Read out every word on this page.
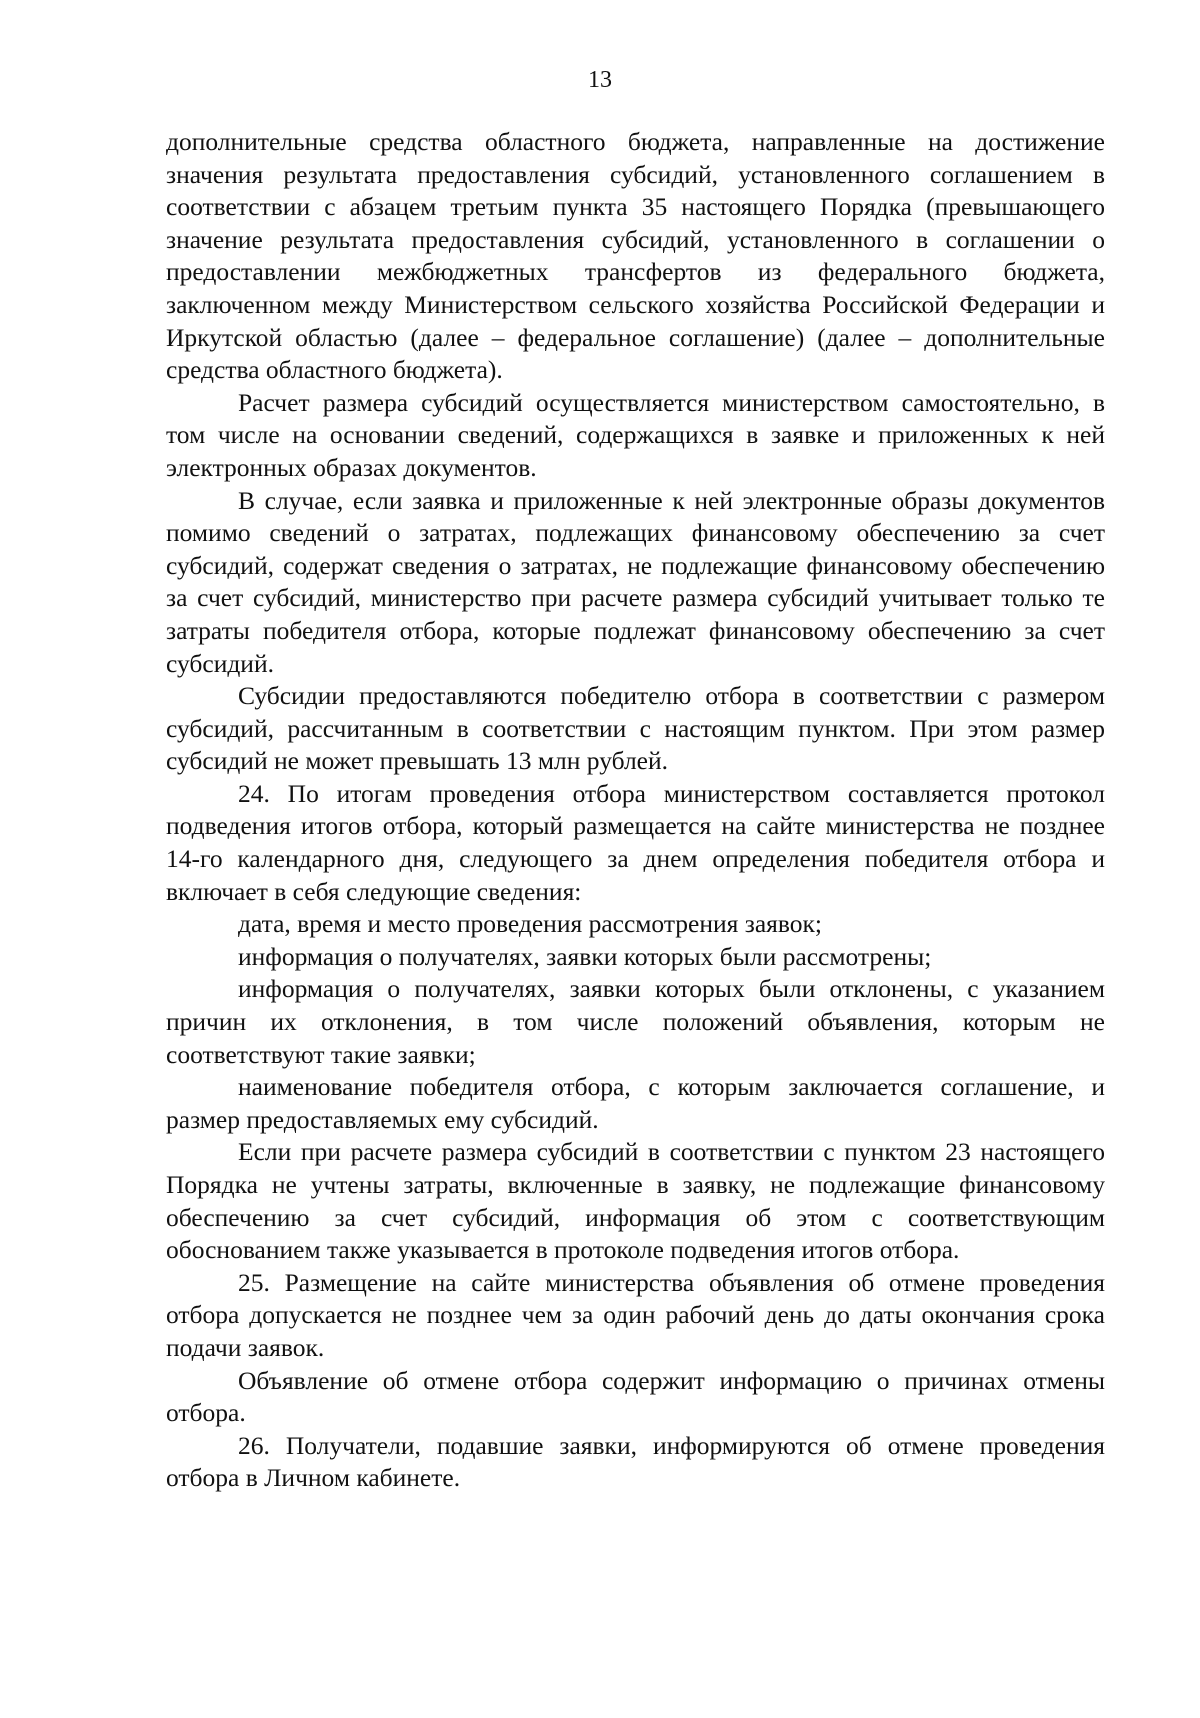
13

дополнительные средства областного бюджета, направленные на достижение значения результата предоставления субсидий, установленного соглашением в соответствии с абзацем третьим пункта 35 настоящего Порядка (превышающего значение результата предоставления субсидий, установленного в соглашении о предоставлении межбюджетных трансфертов из федерального бюджета, заключенном между Министерством сельского хозяйства Российской Федерации и Иркутской областью (далее – федеральное соглашение) (далее – дополнительные средства областного бюджета).

Расчет размера субсидий осуществляется министерством самостоятельно, в том числе на основании сведений, содержащихся в заявке и приложенных к ней электронных образах документов.

В случае, если заявка и приложенные к ней электронные образы документов помимо сведений о затратах, подлежащих финансовому обеспечению за счет субсидий, содержат сведения о затратах, не подлежащие финансовому обеспечению за счет субсидий, министерство при расчете размера субсидий учитывает только те затраты победителя отбора, которые подлежат финансовому обеспечению за счет субсидий.

Субсидии предоставляются победителю отбора в соответствии с размером субсидий, рассчитанным в соответствии с настоящим пунктом. При этом размер субсидий не может превышать 13 млн рублей.

24. По итогам проведения отбора министерством составляется протокол подведения итогов отбора, который размещается на сайте министерства не позднее 14-го календарного дня, следующего за днем определения победителя отбора и включает в себя следующие сведения:

дата, время и место проведения рассмотрения заявок;

информация о получателях, заявки которых были рассмотрены;

информация о получателях, заявки которых были отклонены, с указанием причин их отклонения, в том числе положений объявления, которым не соответствуют такие заявки;

наименование победителя отбора, с которым заключается соглашение, и размер предоставляемых ему субсидий.

Если при расчете размера субсидий в соответствии с пунктом 23 настоящего Порядка не учтены затраты, включенные в заявку, не подлежащие финансовому обеспечению за счет субсидий, информация об этом с соответствующим обоснованием также указывается в протоколе подведения итогов отбора.

25. Размещение на сайте министерства объявления об отмене проведения отбора допускается не позднее чем за один рабочий день до даты окончания срока подачи заявок.

Объявление об отмене отбора содержит информацию о причинах отмены отбора.

26. Получатели, подавшие заявки, информируются об отмене проведения отбора в Личном кабинете.
